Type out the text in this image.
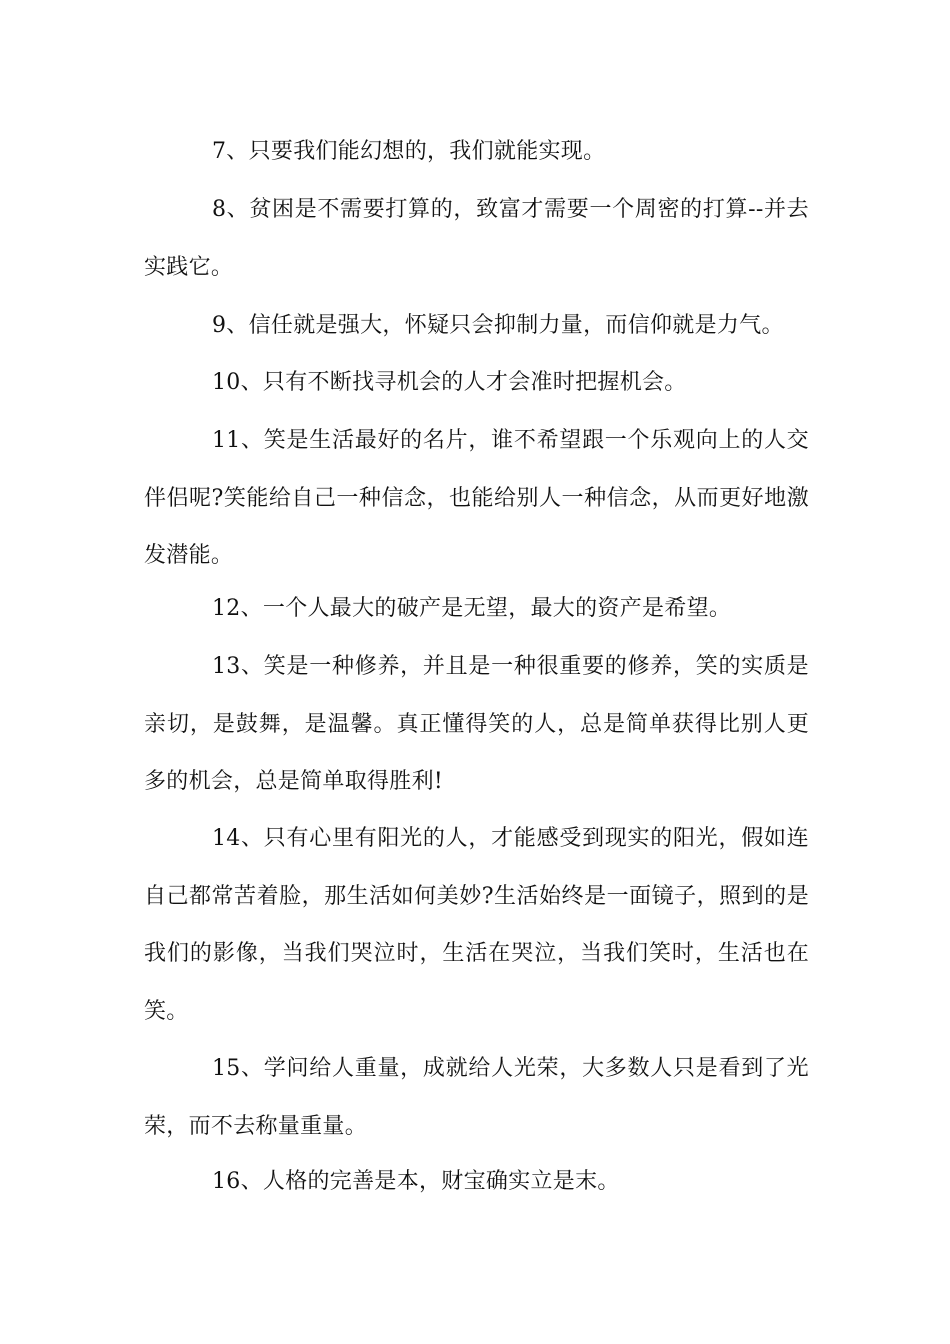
7、只要我们能幻想的，我们就能实现。

8、贫困是不需要打算的，致富才需要一个周密的打算--并去实践它。

9、信任就是强大，怀疑只会抑制力量，而信仰就是力气。

10、只有不断找寻机会的人才会准时把握机会。

11、笑是生活最好的名片，谁不希望跟一个乐观向上的人交伴侣呢?笑能给自己一种信念，也能给别人一种信念，从而更好地激发潜能。

12、一个人最大的破产是无望，最大的资产是希望。

13、笑是一种修养，并且是一种很重要的修养，笑的实质是亲切，是鼓舞，是温馨。真正懂得笑的人，总是简单获得比别人更多的机会，总是简单取得胜利!

14、只有心里有阳光的人，才能感受到现实的阳光，假如连自己都常苦着脸，那生活如何美妙?生活始终是一面镜子，照到的是我们的影像，当我们哭泣时，生活在哭泣，当我们笑时，生活也在笑。

15、学问给人重量，成就给人光荣，大多数人只是看到了光荣，而不去称量重量。

16、人格的完善是本，财宝确实立是末。
